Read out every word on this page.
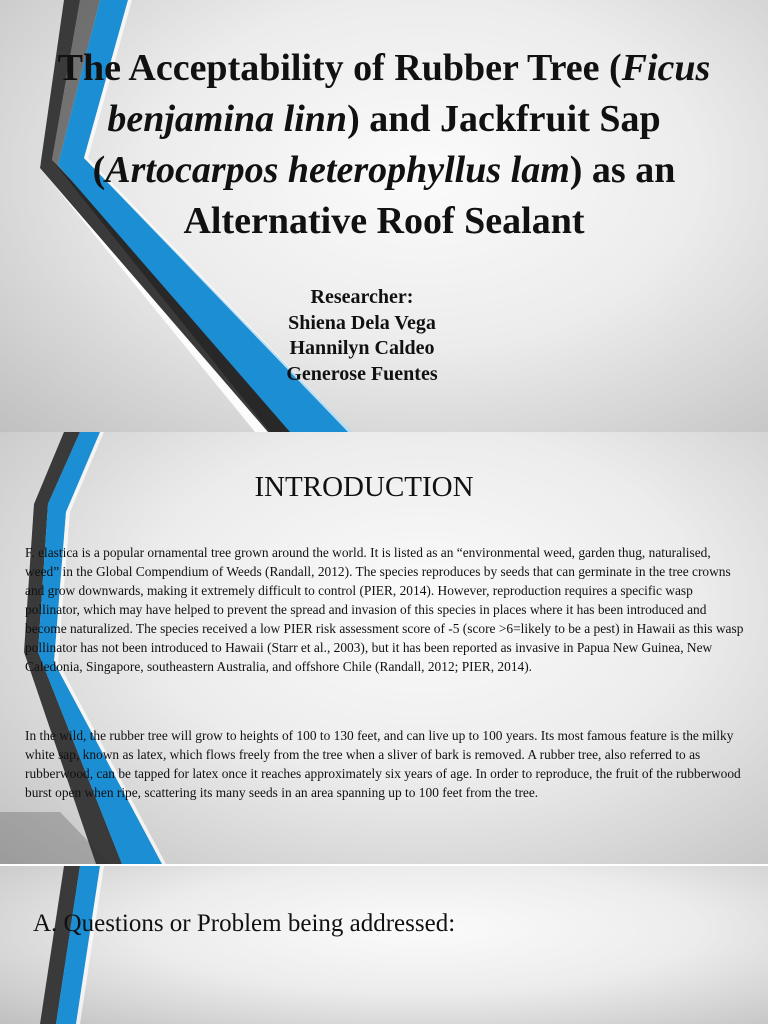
The Acceptability of Rubber Tree (Ficus benjamina linn) and Jackfruit Sap (Artocarpos heterophyllus lam) as an Alternative Roof Sealant
Researcher:
Shiena Dela Vega
Hannilyn Caldeo
Generose Fuentes
INTRODUCTION

F. elastica is a popular ornamental tree grown around the world. It is listed as an “environmental weed, garden thug, naturalised, weed” in the Global Compendium of Weeds (Randall, 2012). The species reproduces by seeds that can germinate in the tree crowns and grow downwards, making it extremely difficult to control (PIER, 2014). However, reproduction requires a specific wasp pollinator, which may have helped to prevent the spread and invasion of this species in places where it has been introduced and become naturalized. The species received a low PIER risk assessment score of -5 (score >6=likely to be a pest) in Hawaii as this wasp pollinator has not been introduced to Hawaii (Starr et al., 2003), but it has been reported as invasive in Papua New Guinea, New Caledonia, Singapore, southeastern Australia, and offshore Chile (Randall, 2012; PIER, 2014).

In the wild, the rubber tree will grow to heights of 100 to 130 feet, and can live up to 100 years. Its most famous feature is the milky white sap, known as latex, which flows freely from the tree when a sliver of bark is removed. A rubber tree, also referred to as rubberwood, can be tapped for latex once it reaches approximately six years of age. In order to reproduce, the fruit of the rubberwood burst open when ripe, scattering its many seeds in an area spanning up to 100 feet from the tree.

A. Questions or Problem being addressed:
